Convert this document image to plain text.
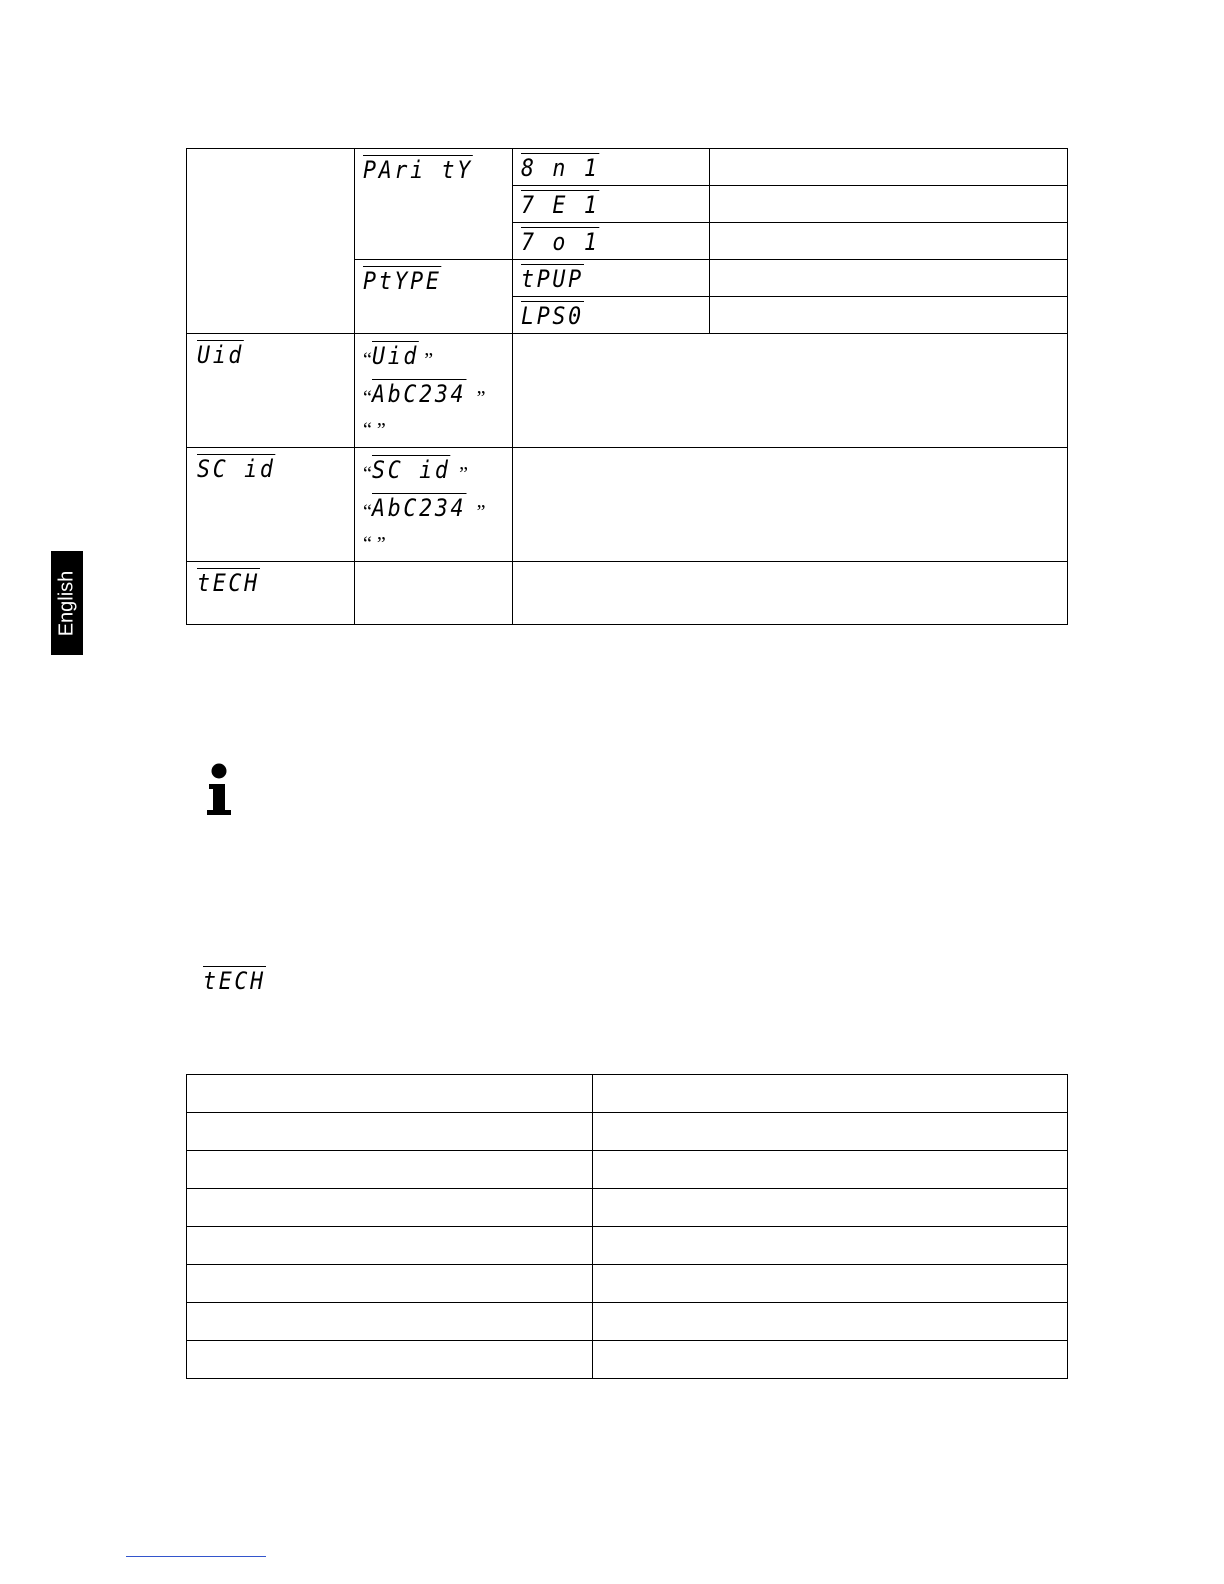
English
	PAri tY	8 n 1	
		7 E 1	
		7 o 1	
	PtYPE	tPUP	
		LPS0	
Uid	“Uid ”
“AbC234 ”
“ ”		

SC id	“SC id ”
“AbC234 ”
“ ”		

tECH			
tECH
